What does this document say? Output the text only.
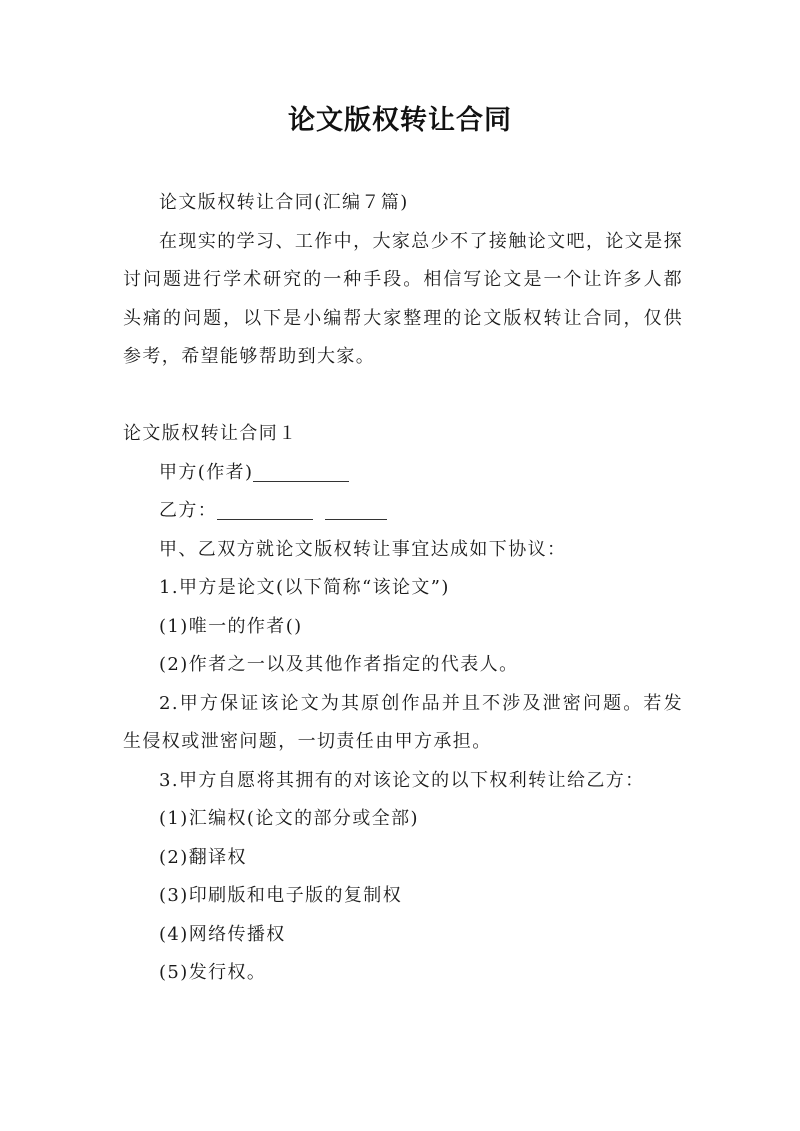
论文版权转让合同

论文版权转让合同(汇编７篇)

在现实的学习、工作中，大家总少不了接触论文吧，论文是探讨问题进行学术研究的一种手段。相信写论文是一个让许多人都头痛的问题，以下是小编帮大家整理的论文版权转让合同，仅供参考，希望能够帮助到大家。

论文版权转让合同１

甲方(作者)

乙方：

甲、乙双方就论文版权转让事宜达成如下协议：

1.甲方是论文(以下简称“该论文”)

(1)唯一的作者()

(2)作者之一以及其他作者指定的代表人。

2.甲方保证该论文为其原创作品并且不涉及泄密问题。若发生侵权或泄密问题，一切责任由甲方承担。

3.甲方自愿将其拥有的对该论文的以下权利转让给乙方：

(1)汇编权(论文的部分或全部)

(2)翻译权

(3)印刷版和电子版的复制权

(4)网络传播权

(5)发行权。
